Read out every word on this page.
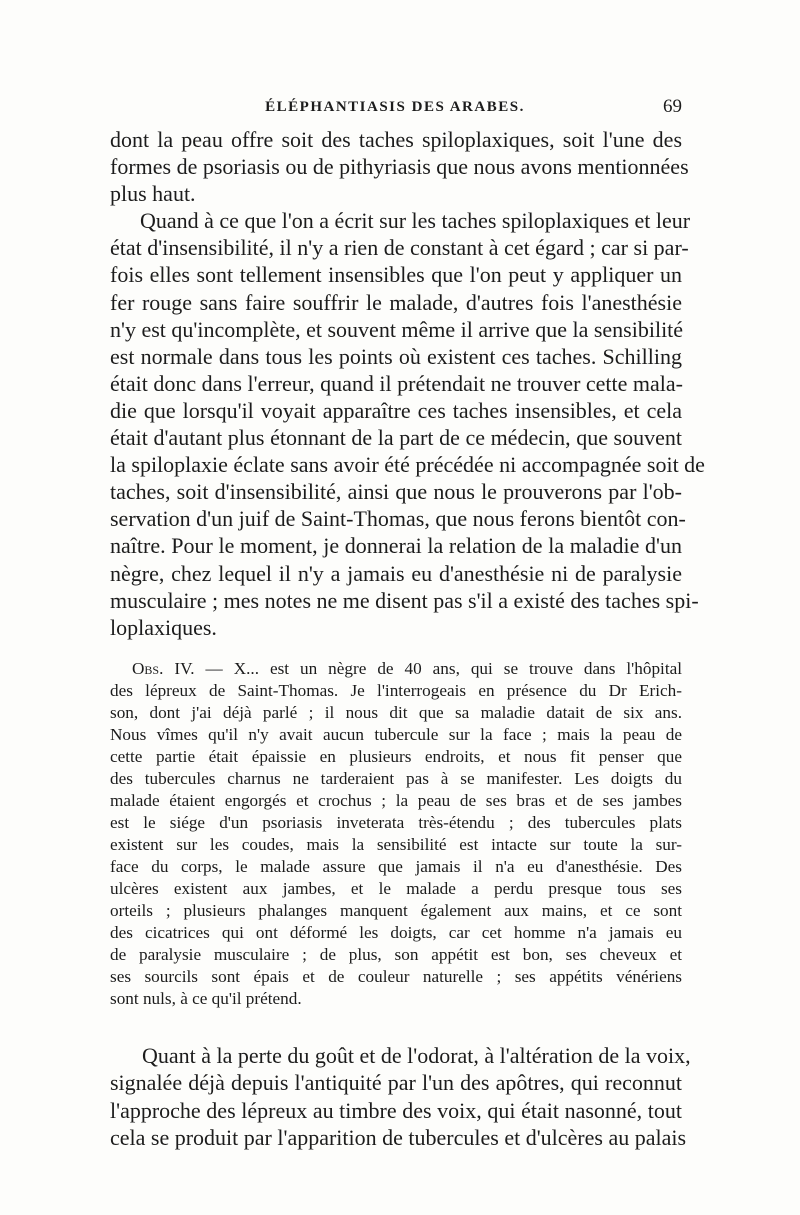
ÉLÉPHANTIASIS DES ARABES.	69
dont la peau offre soit des taches spiloplaxiques, soit l'une des
formes de psoriasis ou de pithyriasis que nous avons mentionnées
plus haut.
Quand à ce que l'on a écrit sur les taches spiloplaxiques et leur
état d'insensibilité, il n'y a rien de constant à cet égard ; car si par-
fois elles sont tellement insensibles que l'on peut y appliquer un
fer rouge sans faire souffrir le malade, d'autres fois l'anesthésie
n'y est qu'incomplète, et souvent même il arrive que la sensibilité
est normale dans tous les points où existent ces taches. Schilling
était donc dans l'erreur, quand il prétendait ne trouver cette mala-
die que lorsqu'il voyait apparaître ces taches insensibles, et cela
était d'autant plus étonnant de la part de ce médecin, que souvent
la spiloplaxie éclate sans avoir été précédée ni accompagnée soit de
taches, soit d'insensibilité, ainsi que nous le prouverons par l'ob-
servation d'un juif de Saint-Thomas, que nous ferons bientôt con-
naître. Pour le moment, je donnerai la relation de la maladie d'un
nègre, chez lequel il n'y a jamais eu d'anesthésie ni de paralysie
musculaire ; mes notes ne me disent pas s'il a existé des taches spi-
loplaxiques.
Obs. IV. — X... est un nègre de 40 ans, qui se trouve dans l'hôpital
des lépreux de Saint-Thomas. Je l'interrogeais en présence du Dr Erich-
son, dont j'ai déjà parlé ; il nous dit que sa maladie datait de six ans.
Nous vîmes qu'il n'y avait aucun tubercule sur la face ; mais la peau de
cette partie était épaissie en plusieurs endroits, et nous fit penser que
des tubercules charnus ne tarderaient pas à se manifester. Les doigts du
malade étaient engorgés et crochus ; la peau de ses bras et de ses jambes
est le siége d'un psoriasis inveterata très-étendu ; des tubercules plats
existent sur les coudes, mais la sensibilité est intacte sur toute la sur-
face du corps, le malade assure que jamais il n'a eu d'anesthésie. Des
ulcères existent aux jambes, et le malade a perdu presque tous ses
orteils ; plusieurs phalanges manquent également aux mains, et ce sont
des cicatrices qui ont déformé les doigts, car cet homme n'a jamais eu
de paralysie musculaire ; de plus, son appétit est bon, ses cheveux et
ses sourcils sont épais et de couleur naturelle ; ses appétits vénériens
sont nuls, à ce qu'il prétend.
Quant à la perte du goût et de l'odorat, à l'altération de la voix,
signalée déjà depuis l'antiquité par l'un des apôtres, qui reconnut
l'approche des lépreux au timbre des voix, qui était nasonné, tout
cela se produit par l'apparition de tubercules et d'ulcères au palais
